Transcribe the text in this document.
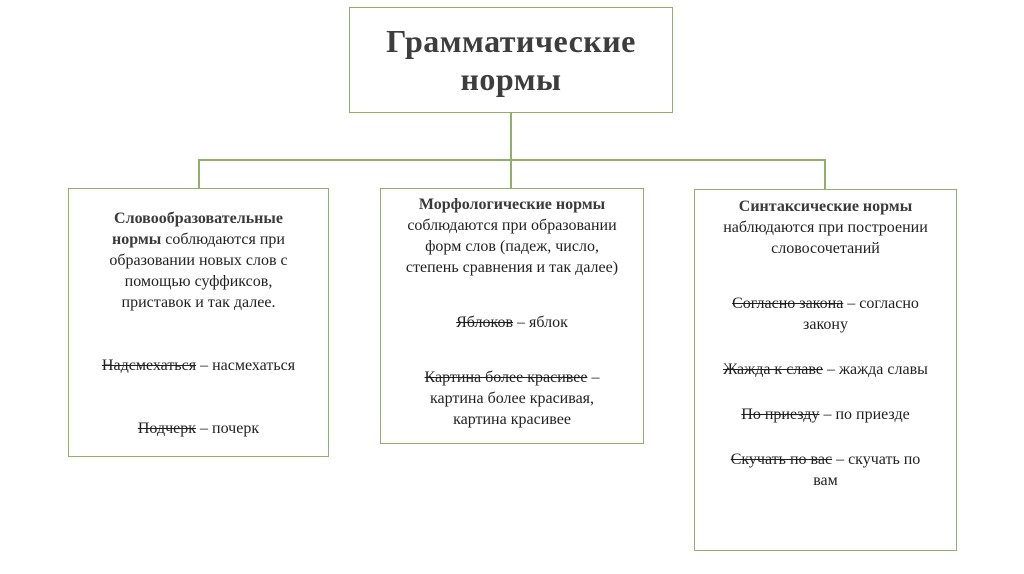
Грамматические
нормы

Словообразовательные
нормы соблюдаются при
образовании новых слов с
помощью суффиксов,
приставок и так далее.

Надсмехаться – насмехаться

Подчерк – почерк

Морфологические нормы
соблюдаются при образовании
форм слов (падеж, число,
степень сравнения и так далее)

Яблоков – яблок

Картина более красивее –
картина более красивая,
картина красивее

Синтаксические нормы
наблюдаются при построении
словосочетаний

Согласно закона – согласно
закону

Жажда к славе – жажда славы

По приезду – по приезде

Скучать по вас – скучать по
вам
